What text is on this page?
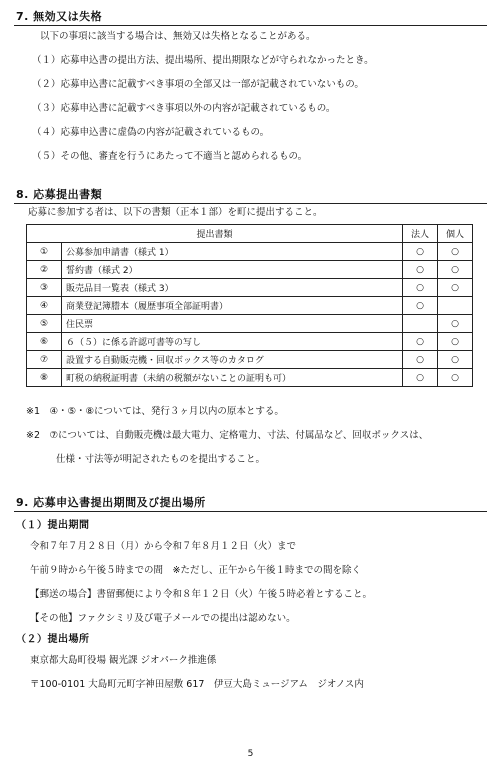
7. 無効又は失格
以下の事項に該当する場合は、無効又は失格となることがある。
（１）応募申込書の提出方法、提出場所、提出期限などが守られなかったとき。
（２）応募申込書に記載すべき事項の全部又は一部が記載されていないもの。
（３）応募申込書に記載すべき事項以外の内容が記載されているもの。
（４）応募申込書に虚偽の内容が記載されているもの。
（５）その他、審査を行うにあたって不適当と認められるもの。
8. 応募提出書類
応募に参加する者は、以下の書類（正本１部）を町に提出すること。
提出書類		法人	個人
①	公募参加申請書（様式 1）	○	○
②	誓約書（様式 2）	○	○
③	販売品目一覧表（様式 3）	○	○
④	商業登記簿謄本（履歴事項全部証明書）	○	
⑤	住民票		○
⑥	６（５）に係る許認可書等の写し	○	○
⑦	設置する自動販売機・回収ボックス等のカタログ	○	○
⑧	町税の納税証明書（未納の税額がないことの証明も可）	○	○
※1　④・⑤・⑧については、発行３ヶ月以内の原本とする。
※2　⑦については、自動販売機は最大電力、定格電力、寸法、付属品など、回収ボックスは、
仕様・寸法等が明記されたものを提出すること。
9. 応募申込書提出期間及び提出場所
（１）提出期間
令和７年７月２８日（月）から令和７年８月１２日（火）まで
午前９時から午後５時までの間　※ただし、正午から午後１時までの間を除く
【郵送の場合】書留郵便により令和８年１２日（火）午後５時必着とすること。
【その他】ファクシミリ及び電子メールでの提出は認めない。
（２）提出場所
東京都大島町役場 観光課 ジオパーク推進係
〒100-0101 大島町元町字神田屋敷 617　伊豆大島ミュージアム　ジオノス内
5
